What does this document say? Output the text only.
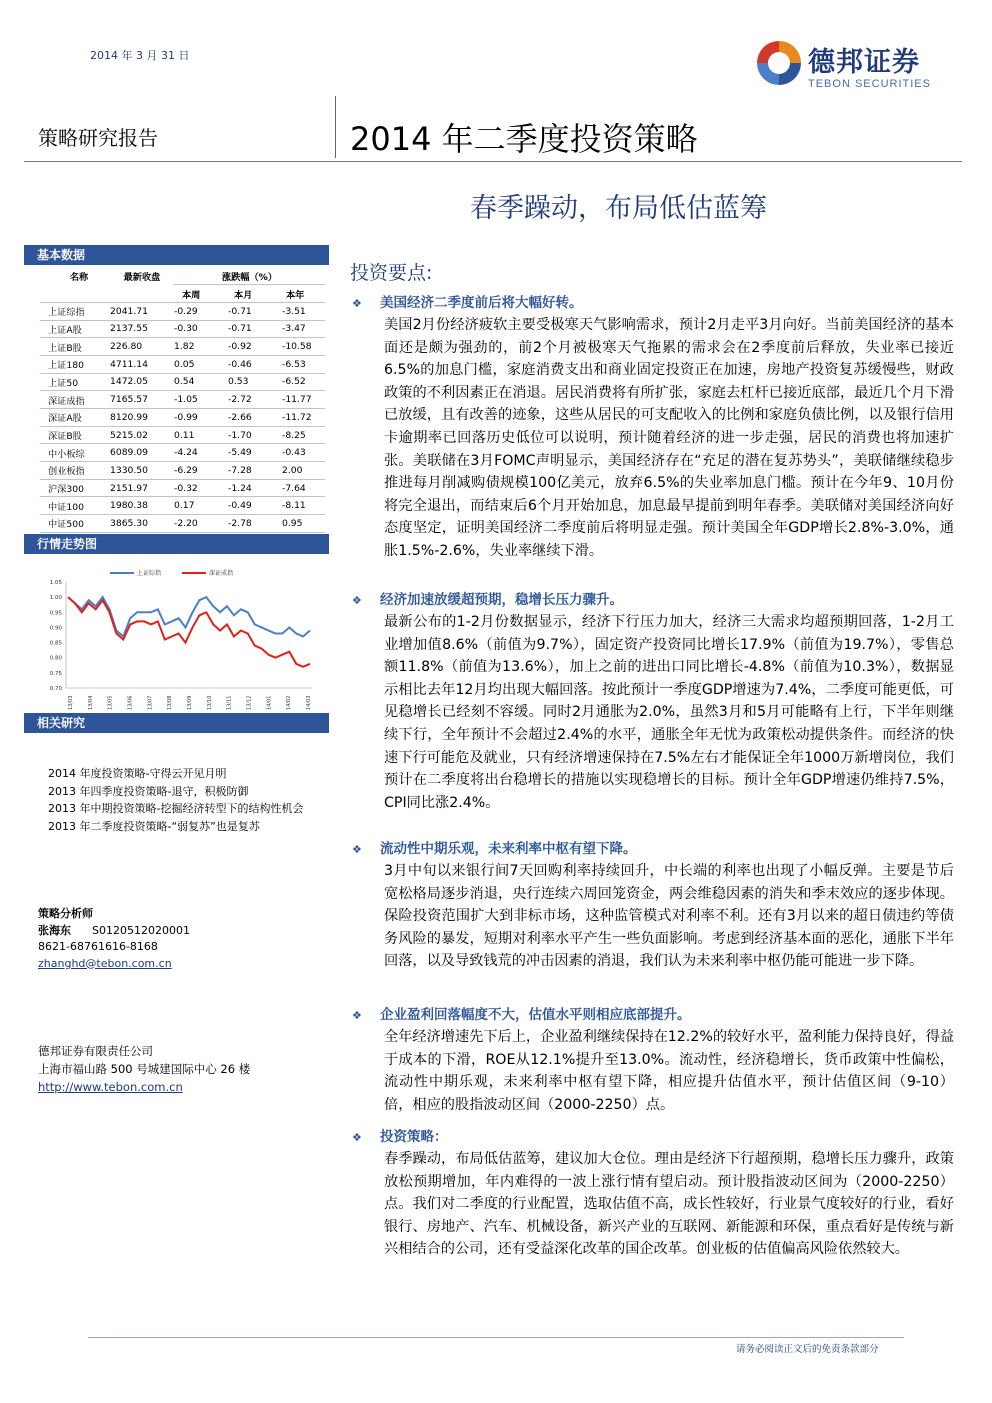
2014 年 3 月 31 日	德邦证券
TEBON SECURITIES
策略研究报告	2014 年二季度投资策略
春季躁动，布局低估蓝筹
基本数据
名称	最新收盘	涨跌幅（%）		
		本周	本月	本年
上证综指	2041.71	-0.29	-0.71	-3.51
上证A股	2137.55	-0.30	-0.71	-3.47
上证B股	226.80	1.82	-0.92	-10.58
上证180	4711.14	0.05	-0.46	-6.53
上证50	1472.05	0.54	0.53	-6.52
深证成指	7165.57	-1.05	-2.72	-11.77
深证A股	8120.99	-0.99	-2.66	-11.72
深证B股	5215.02	0.11	-1.70	-8.25
中小板综	6089.09	-4.24	-5.49	-0.43
创业板指	1330.50	-6.29	-7.28	2.00
沪深300	2151.97	-0.32	-1.24	-7.64
中证100	1980.38	0.17	-0.49	-8.11
中证500	3865.30	-2.20	-2.78	0.95
行情走势图
0.70
0.75
0.80
0.85
0.90
0.95
1.00
1.05
13/03	13/04	13/05	13/06	13/07	13/08	13/09	13/10	13/11	13/12	14/01	14/02	14/03
上证综指	深证成指
相关研究
2014 年度投资策略-守得云开见月明
2013 年四季度投资策略-退守，积极防御
2013 年中期投资策略-挖掘经济转型下的结构性机会
2013 年二季度投资策略-“弱复苏”也是复苏
策略分析师
张海东 S0120512020001
8621-68761616-8168
zhanghd@tebon.com.cn
德邦证券有限责任公司
上海市福山路 500 号城建国际中心 26 楼
http://www.tebon.com.cn
投资要点:
❖ 美国经济二季度前后将大幅好转。
美国2月份经济疲软主要受极寒天气影响需求，预计2月走平3月向好。当前美国经济的基本面还是颇为强劲的，前2个月被极寒天气拖累的需求会在2季度前后释放，失业率已接近6.5%的加息门槛，家庭消费支出和商业固定投资正在加速，房地产投资复苏缓慢些，财政政策的不利因素正在消退。居民消费将有所扩张，家庭去杠杆已接近底部，最近几个月下滑已放缓，且有改善的迹象，这些从居民的可支配收入的比例和家庭负债比例，以及银行信用卡逾期率已回落历史低位可以说明，预计随着经济的进一步走强，居民的消费也将加速扩张。美联储在3月FOMC声明显示，美国经济存在“充足的潜在复苏势头”，美联储继续稳步推进每月削减购债规模100亿美元，放弃6.5%的失业率加息门槛。预计在今年9、10月份将完全退出，而结束后6个月开始加息，加息最早提前到明年春季。美联储对美国经济向好态度坚定，证明美国经济二季度前后将明显走强。预计美国全年GDP增长2.8%-3.0%，通胀1.5%-2.6%，失业率继续下滑。
❖ 经济加速放缓超预期，稳增长压力骤升。
最新公布的1-2月份数据显示，经济下行压力加大，经济三大需求均超预期回落，1-2月工业增加值8.6%（前值为9.7%），固定资产投资同比增长17.9%（前值为19.7%），零售总额11.8%（前值为13.6%），加上之前的进出口同比增长-4.8%（前值为10.3%），数据显示相比去年12月均出现大幅回落。按此预计一季度GDP增速为7.4%，二季度可能更低，可见稳增长已经刻不容缓。同时2月通胀为2.0%，虽然3月和5月可能略有上行，下半年则继续下行，全年预计不会超过2.4%的水平，通胀全年无忧为政策松动提供条件。而经济的快速下行可能危及就业，只有经济增速保持在7.5%左右才能保证全年1000万新增岗位，我们预计在二季度将出台稳增长的措施以实现稳增长的目标。预计全年GDP增速仍维持7.5%，CPI同比涨2.4%。
❖ 流动性中期乐观，未来利率中枢有望下降。
3月中旬以来银行间7天回购利率持续回升，中长端的利率也出现了小幅反弹。主要是节后宽松格局逐步消退，央行连续六周回笼资金，两会维稳因素的消失和季末效应的逐步体现。保险投资范围扩大到非标市场，这种监管模式对利率不利。还有3月以来的超日债违约等债务风险的暴发，短期对利率水平产生一些负面影响。考虑到经济基本面的恶化，通胀下半年回落，以及导致钱荒的冲击因素的消退，我们认为未来利率中枢仍能可能进一步下降。
❖ 企业盈利回落幅度不大，估值水平则相应底部提升。
全年经济增速先下后上，企业盈利继续保持在12.2%的较好水平，盈利能力保持良好，得益于成本的下滑，ROE从12.1%提升至13.0%。流动性，经济稳增长，货币政策中性偏松，流动性中期乐观，未来利率中枢有望下降，相应提升估值水平，预计估值区间（9-10）倍，相应的股指波动区间（2000-2250）点。
❖ 投资策略：
春季躁动，布局低估蓝筹，建议加大仓位。理由是经济下行超预期，稳增长压力骤升，政策放松预期增加，年内难得的一波上涨行情有望启动。预计股指波动区间为（2000-2250）点。我们对二季度的行业配置，选取估值不高，成长性较好，行业景气度较好的行业，看好银行、房地产、汽车、机械设备，新兴产业的互联网、新能源和环保，重点看好是传统与新兴相结合的公司，还有受益深化改革的国企改革。创业板的估值偏高风险依然较大。
请务必阅读正文后的免责条款部分
